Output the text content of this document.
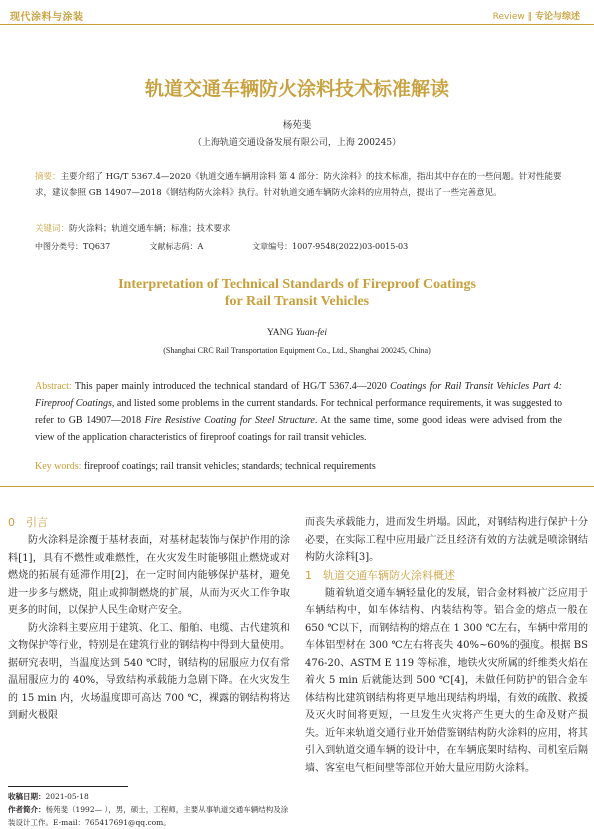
现代涂料与涂装	Review ‖ 专论与综述
轨道交通车辆防火涂料技术标准解读
杨苑斐
（上海轨道交通设备发展有限公司，上海 200245）
摘要：主要介绍了 HG/T 5367.4—2020《轨道交通车辆用涂料 第 4 部分：防火涂料》的技术标准，指出其中存在的一些问题。针对性能要求，建议参照 GB 14907—2018《钢结构防火涂料》执行。针对轨道交通车辆防火涂料的应用特点，提出了一些完善意见。
关键词：防火涂料；轨道交通车辆；标准；技术要求
中图分类号：TQ637	文献标志码：A	文章编号：1007-9548(2022)03-0015-03
Interpretation of Technical Standards of Fireproof Coatings
for Rail Transit Vehicles
YANG Yuan-fei
(Shanghai CRC Rail Transportation Equipment Co., Ltd., Shanghai 200245, China)
Abstract: This paper mainly introduced the technical standard of HG/T 5367.4—2020 Coatings for Rail Transit Vehicles Part 4: Fireproof Coatings, and listed some problems in the current standards. For technical performance requirements, it was suggested to refer to GB 14907—2018 Fire Resistive Coating for Steel Structure. At the same time, some good ideas were advised from the view of the application characteristics of fireproof coatings for rail transit vehicles.
Key words: fireproof coatings; rail transit vehicles; standards; technical requirements
0　引言

防火涂料是涂覆于基材表面，对基材起装饰与保护作用的涂料[1]，具有不燃性或难燃性，在火灾发生时能够阻止燃烧或对燃烧的拓展有延滞作用[2]，在一定时间内能够保护基材，避免进一步多与燃烧，阻止或抑制燃烧的扩展，从而为灭火工作争取更多的时间，以保护人民生命财产安全。

防火涂料主要应用于建筑、化工、船舶、电缆、古代建筑和文物保护等行业，特别是在建筑行业的钢结构中得到大量使用。据研究表明，当温度达到 540 ℃时，钢结构的屈服应力仅有常温屈服应力的 40%，导致结构承载能力急剧下降。在火灾发生的 15 min 内，火场温度即可高达 700 ℃，裸露的钢结构将达到耐火极限

而丧失承载能力，进而发生坍塌。因此，对钢结构进行保护十分必要，在实际工程中应用最广泛且经济有效的方法就是喷涂钢结构防火涂料[3]。

1　轨道交通车辆防火涂料概述

随着轨道交通车辆轻量化的发展，铝合金材料被广泛应用于车辆结构中，如车体结构、内装结构等。铝合金的熔点一般在 650 ℃以下，而钢结构的熔点在 1 300 ℃左右，车辆中常用的车体铝型材在 300 ℃左右将丧失 40%~60%的强度。根据 BS 476-20、ASTM E 119 等标准，地铁火灾所属的纤维类火焰在着火 5 min 后就能达到 500 ℃[4]，未做任何防护的铝合金车体结构比建筑钢结构将更早地出现结构坍塌，有效的疏散、救援及灭火时间将更短，一旦发生火灾将产生更大的生命及财产损失。近年来轨道交通行业开始借鉴钢结构防火涂料的应用，将其引入到轨道交通车辆的设计中，在车辆底架时结构、司机室后隔墙、客室电气柜间壁等部位开始大量应用防火涂料。

收稿日期：2021-05-18
作者简介：杨苑斐（1992— ），男，硕士，工程师，主要从事轨道交通车辆结构及涂装设计工作。E-mail：765417691@qq.com。
